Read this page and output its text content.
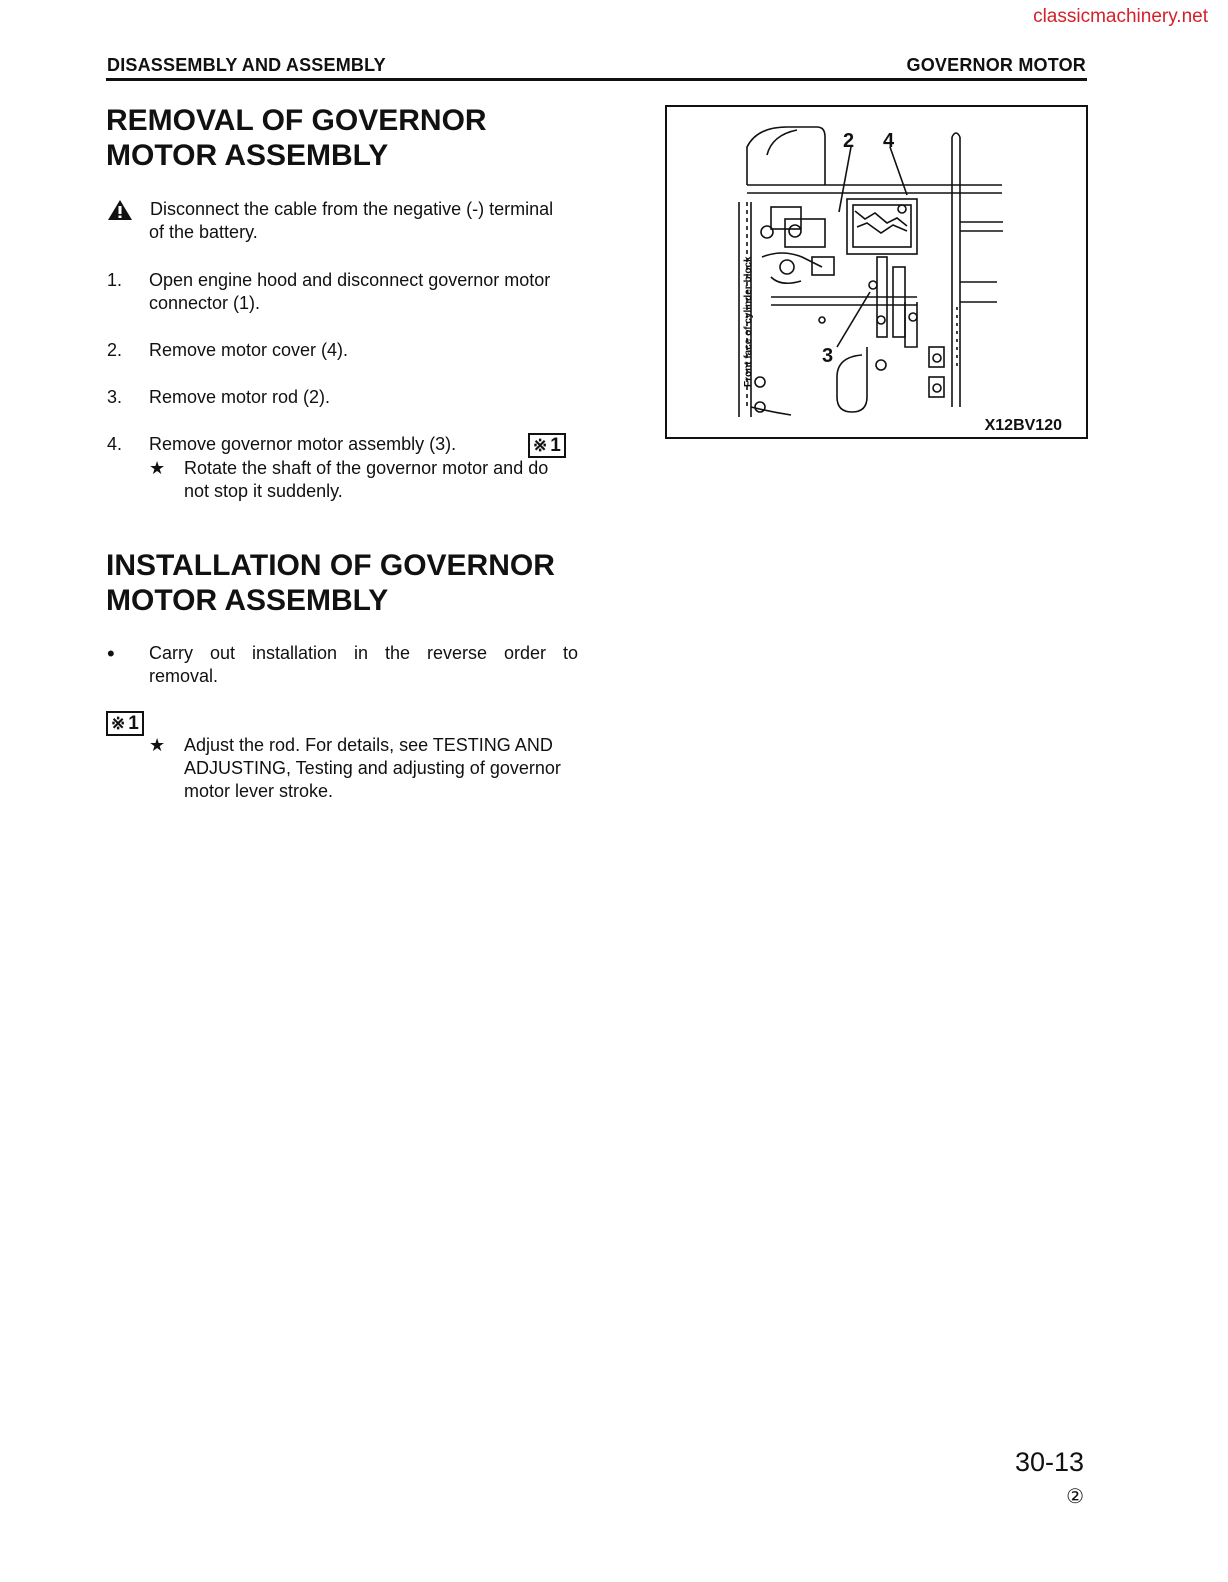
classicmachinery.net
DISASSEMBLY AND ASSEMBLY	GOVERNOR MOTOR
REMOVAL OF GOVERNOR
MOTOR ASSEMBLY
Disconnect the cable from the negative (-) terminal
of the battery.
1. Open engine hood and disconnect governor motor
connector (1).
2. Remove motor cover (4).
3. Remove motor rod (2).
4. Remove governor motor assembly (3).
★ Rotate the shaft of the governor motor and do
not stop it suddenly.
※ 1
INSTALLATION OF GOVERNOR
MOTOR ASSEMBLY
• Carry out installation in the reverse order to
removal.
★ Adjust the rod. For details, see TESTING AND
ADJUSTING, Testing and adjusting of governor
motor lever stroke.
※ 1
2 4
3
Front face of cylinder block
X12BV120
30-13
②
